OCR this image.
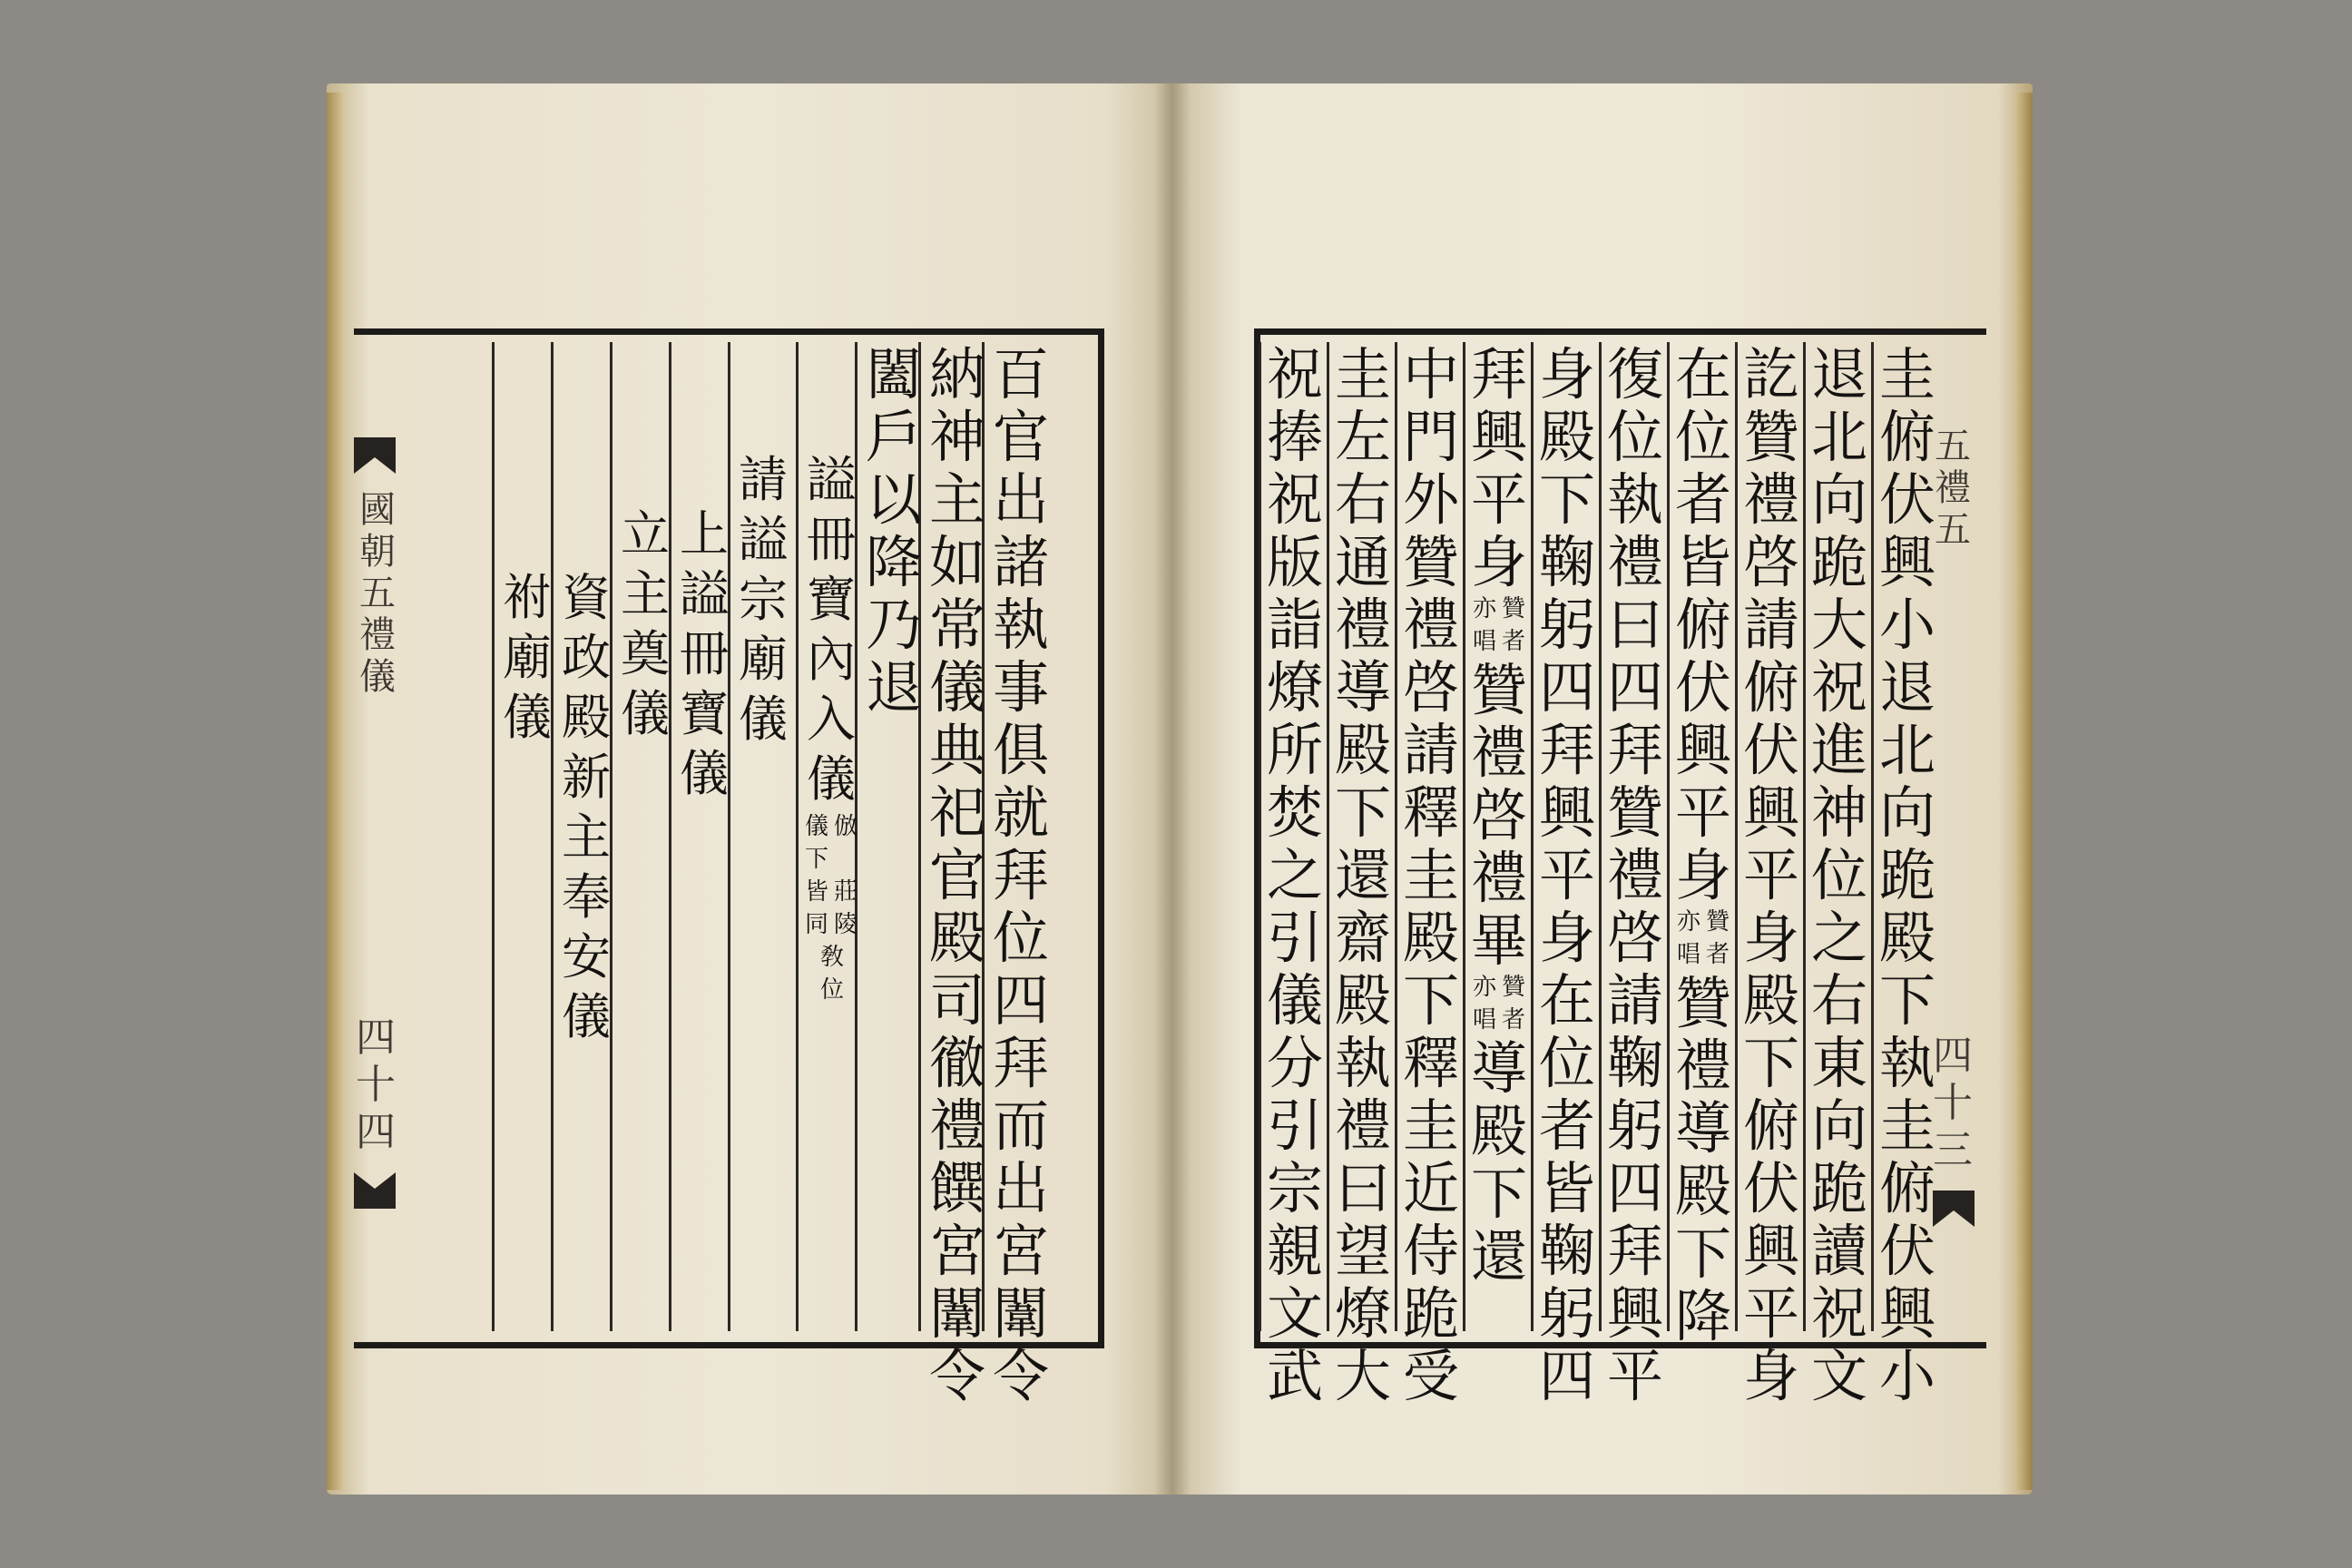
國
朝
五
禮
儀
四
十
四
百
官
出
諸
執
事
俱
就
拜
位
四
拜
而
出
宮
闈
令
納
神
主
如
常
儀
典
祀
官
殿
司
徹
禮
饌
宮
闈
令
闔
戶
以
降
乃
退
謚
冊
寶
內
入
儀
倣
儀
下
莊
陵
皆
同
敎
位
請
謚
宗
廟
儀
上
謚
冊
寶
儀
立
主
奠
儀
資
政
殿
新
主
奉
安
儀
祔
廟
儀
五
禮
五
四
十
三
圭
俯
伏
興
小
退
北
向
跪
殿
下
執
圭
俯
伏
興
小
退
北
向
跪
大
祝
進
神
位
之
右
東
向
跪
讀
祝
文
訖
贊
禮
啓
請
俯
伏
興
平
身
殿
下
俯
伏
興
平
身
在
位
者
皆
俯
伏
興
平
身
贊
者
亦
唱
贊
禮
導
殿
下
降
復
位
執
禮
曰
四
拜
贊
禮
啓
請
鞠
躬
四
拜
興
平
身
殿
下
鞠
躬
四
拜
興
平
身
在
位
者
皆
鞠
躬
四
拜
興
平
身
贊
者
亦
唱
贊
禮
啓
禮
畢
贊
者
亦
唱
導
殿
下
還
中
門
外
贊
禮
啓
請
釋
圭
殿
下
釋
圭
近
侍
跪
受
圭
左
右
通
禮
導
殿
下
還
齋
殿
執
禮
曰
望
燎
大
祝
捧
祝
版
詣
燎
所
焚
之
引
儀
分
引
宗
親
文
武
